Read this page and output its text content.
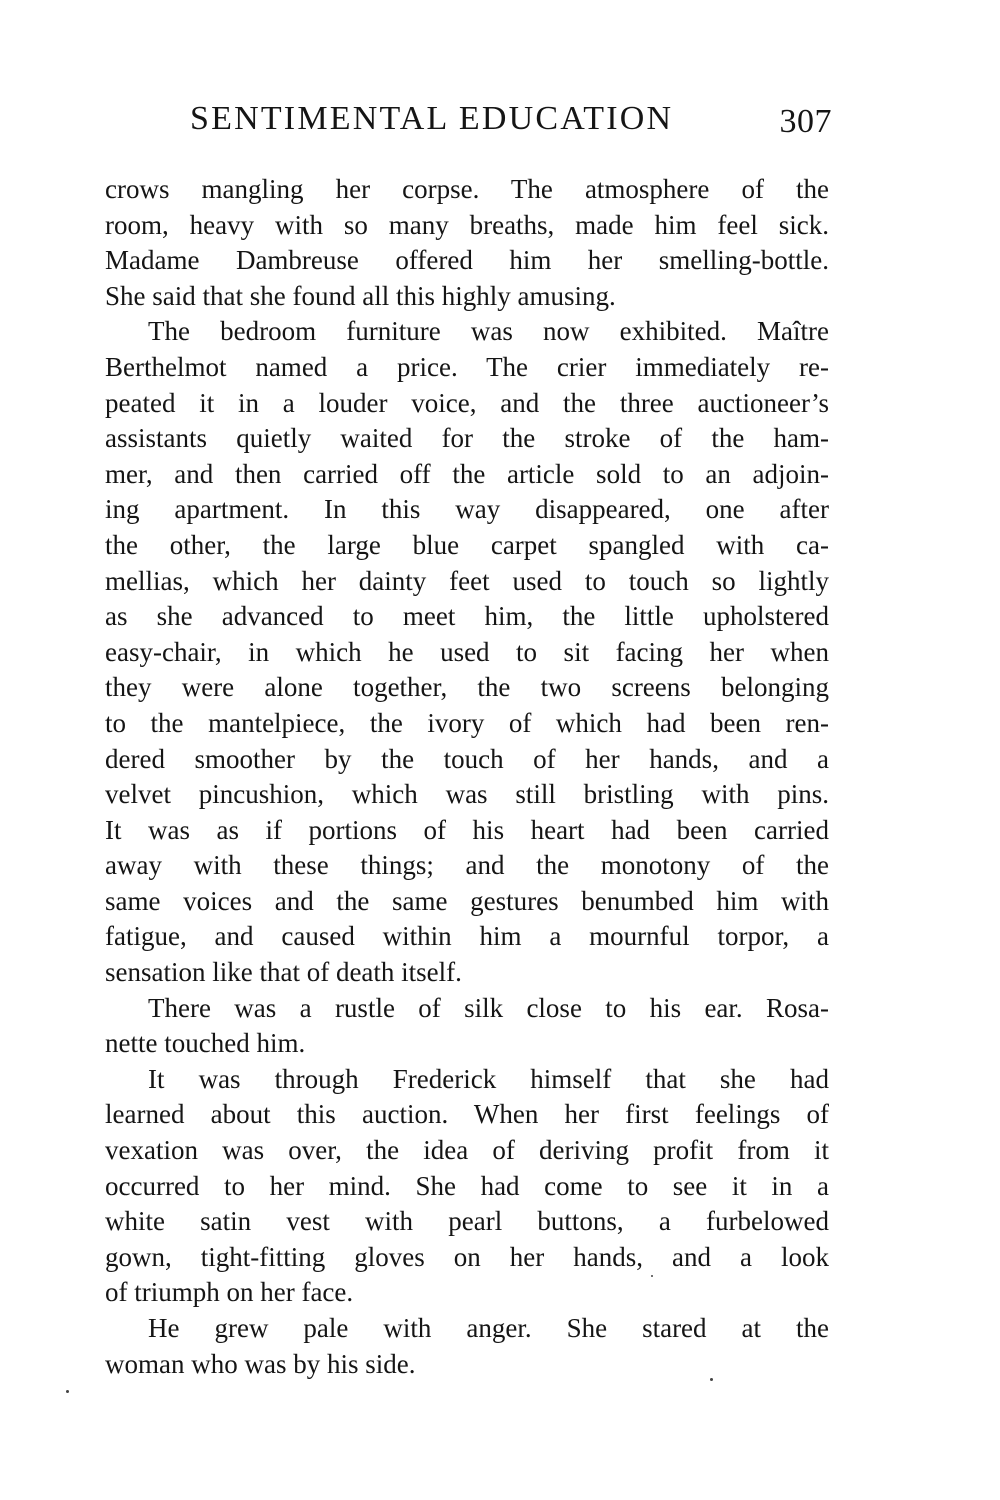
SENTIMENTAL EDUCATION	307
crows mangling her corpse. The atmosphere of the
room, heavy with so many breaths, made him feel sick.
Madame Dambreuse offered him her smelling-bottle.
She said that she found all this highly amusing.
The bedroom furniture was now exhibited. Maître
Berthelmot named a price. The crier immediately re-
peated it in a louder voice, and the three auctioneer’s
assistants quietly waited for the stroke of the ham-
mer, and then carried off the article sold to an adjoin-
ing apartment. In this way disappeared, one after
the other, the large blue carpet spangled with ca-
mellias, which her dainty feet used to touch so lightly
as she advanced to meet him, the little upholstered
easy-chair, in which he used to sit facing her when
they were alone together, the two screens belonging
to the mantelpiece, the ivory of which had been ren-
dered smoother by the touch of her hands, and a
velvet pincushion, which was still bristling with pins.
It was as if portions of his heart had been carried
away with these things; and the monotony of the
same voices and the same gestures benumbed him with
fatigue, and caused within him a mournful torpor, a
sensation like that of death itself.
There was a rustle of silk close to his ear. Rosa-
nette touched him.
It was through Frederick himself that she had
learned about this auction. When her first feelings of
vexation was over, the idea of deriving profit from it
occurred to her mind. She had come to see it in a
white satin vest with pearl buttons, a furbelowed
gown, tight-fitting gloves on her hands, and a look
of triumph on her face.
He grew pale with anger. She stared at the
woman who was by his side.
